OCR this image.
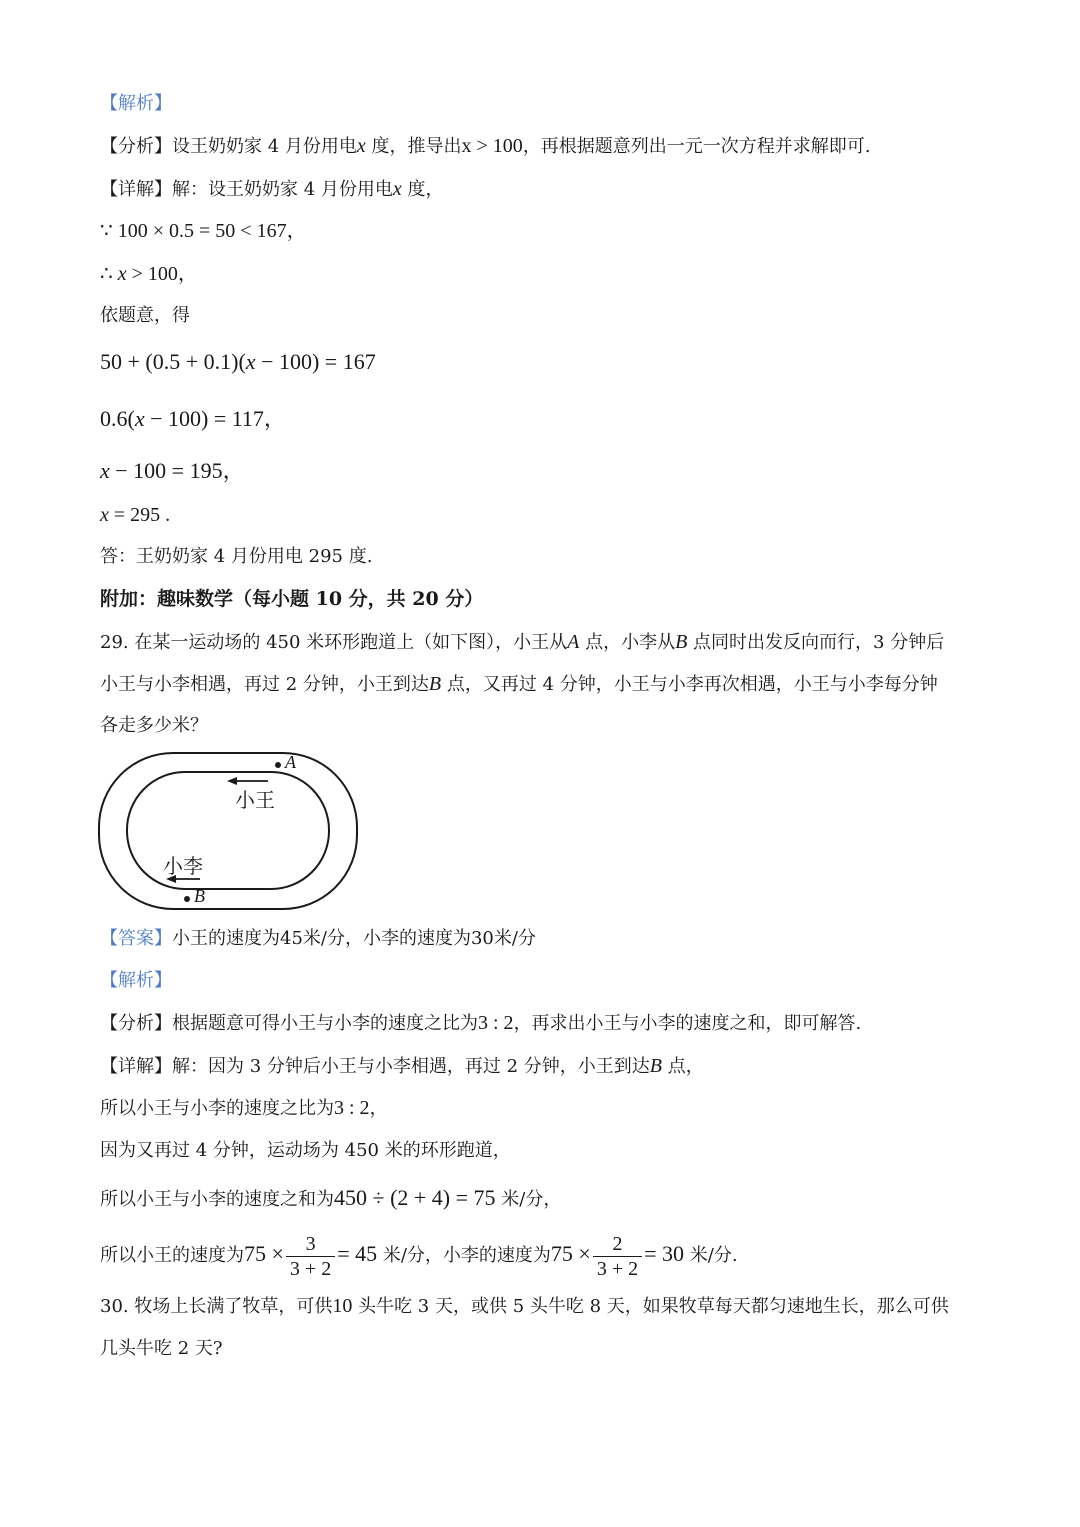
【解析】
【分析】设王奶奶家 4 月份用电x 度，推导出x > 100，再根据题意列出一元一次方程并求解即可.
【详解】解：设王奶奶家 4 月份用电x 度，
∵ 100 × 0.5 = 50 < 167，
∴ x > 100，
依题意，得
50 + (0.5 + 0.1)(x − 100) = 167
0.6(x − 100) = 117，
x − 100 = 195，
x = 295 .
答：王奶奶家 4 月份用电 295 度.
附加：趣味数学（每小题 10 分，共 20 分）
29. 在某一运动场的 450 米环形跑道上（如下图），小王从A 点，小李从B 点同时出发反向而行，3 分钟后
小王与小李相遇，再过 2 分钟，小王到达B 点，又再过 4 分钟，小王与小李再次相遇，小王与小李每分钟
各走多少米？
A
小王
小李
B
【答案】小王的速度为45米/分，小李的速度为30米/分
【解析】
【分析】根据题意可得小王与小李的速度之比为3 : 2，再求出小王与小李的速度之和，即可解答.
【详解】解：因为 3 分钟后小王与小李相遇，再过 2 分钟，小王到达B 点，
所以小王与小李的速度之比为3 : 2，
因为又再过 4 分钟，运动场为 450 米的环形跑道，
所以小王与小李的速度之和为450 ÷ (2 + 4) = 75 米/分，
所以小王的速度为$75 \times \frac{3}{3 + 2} = 45$ 米/分，小李的速度为$75 \times \frac{2}{3 + 2} = 30$ 米/分.
30. 牧场上长满了牧草，可供10 头牛吃 3 天，或供 5 头牛吃 8 天，如果牧草每天都匀速地生长，那么可供
几头牛吃 2 天?
